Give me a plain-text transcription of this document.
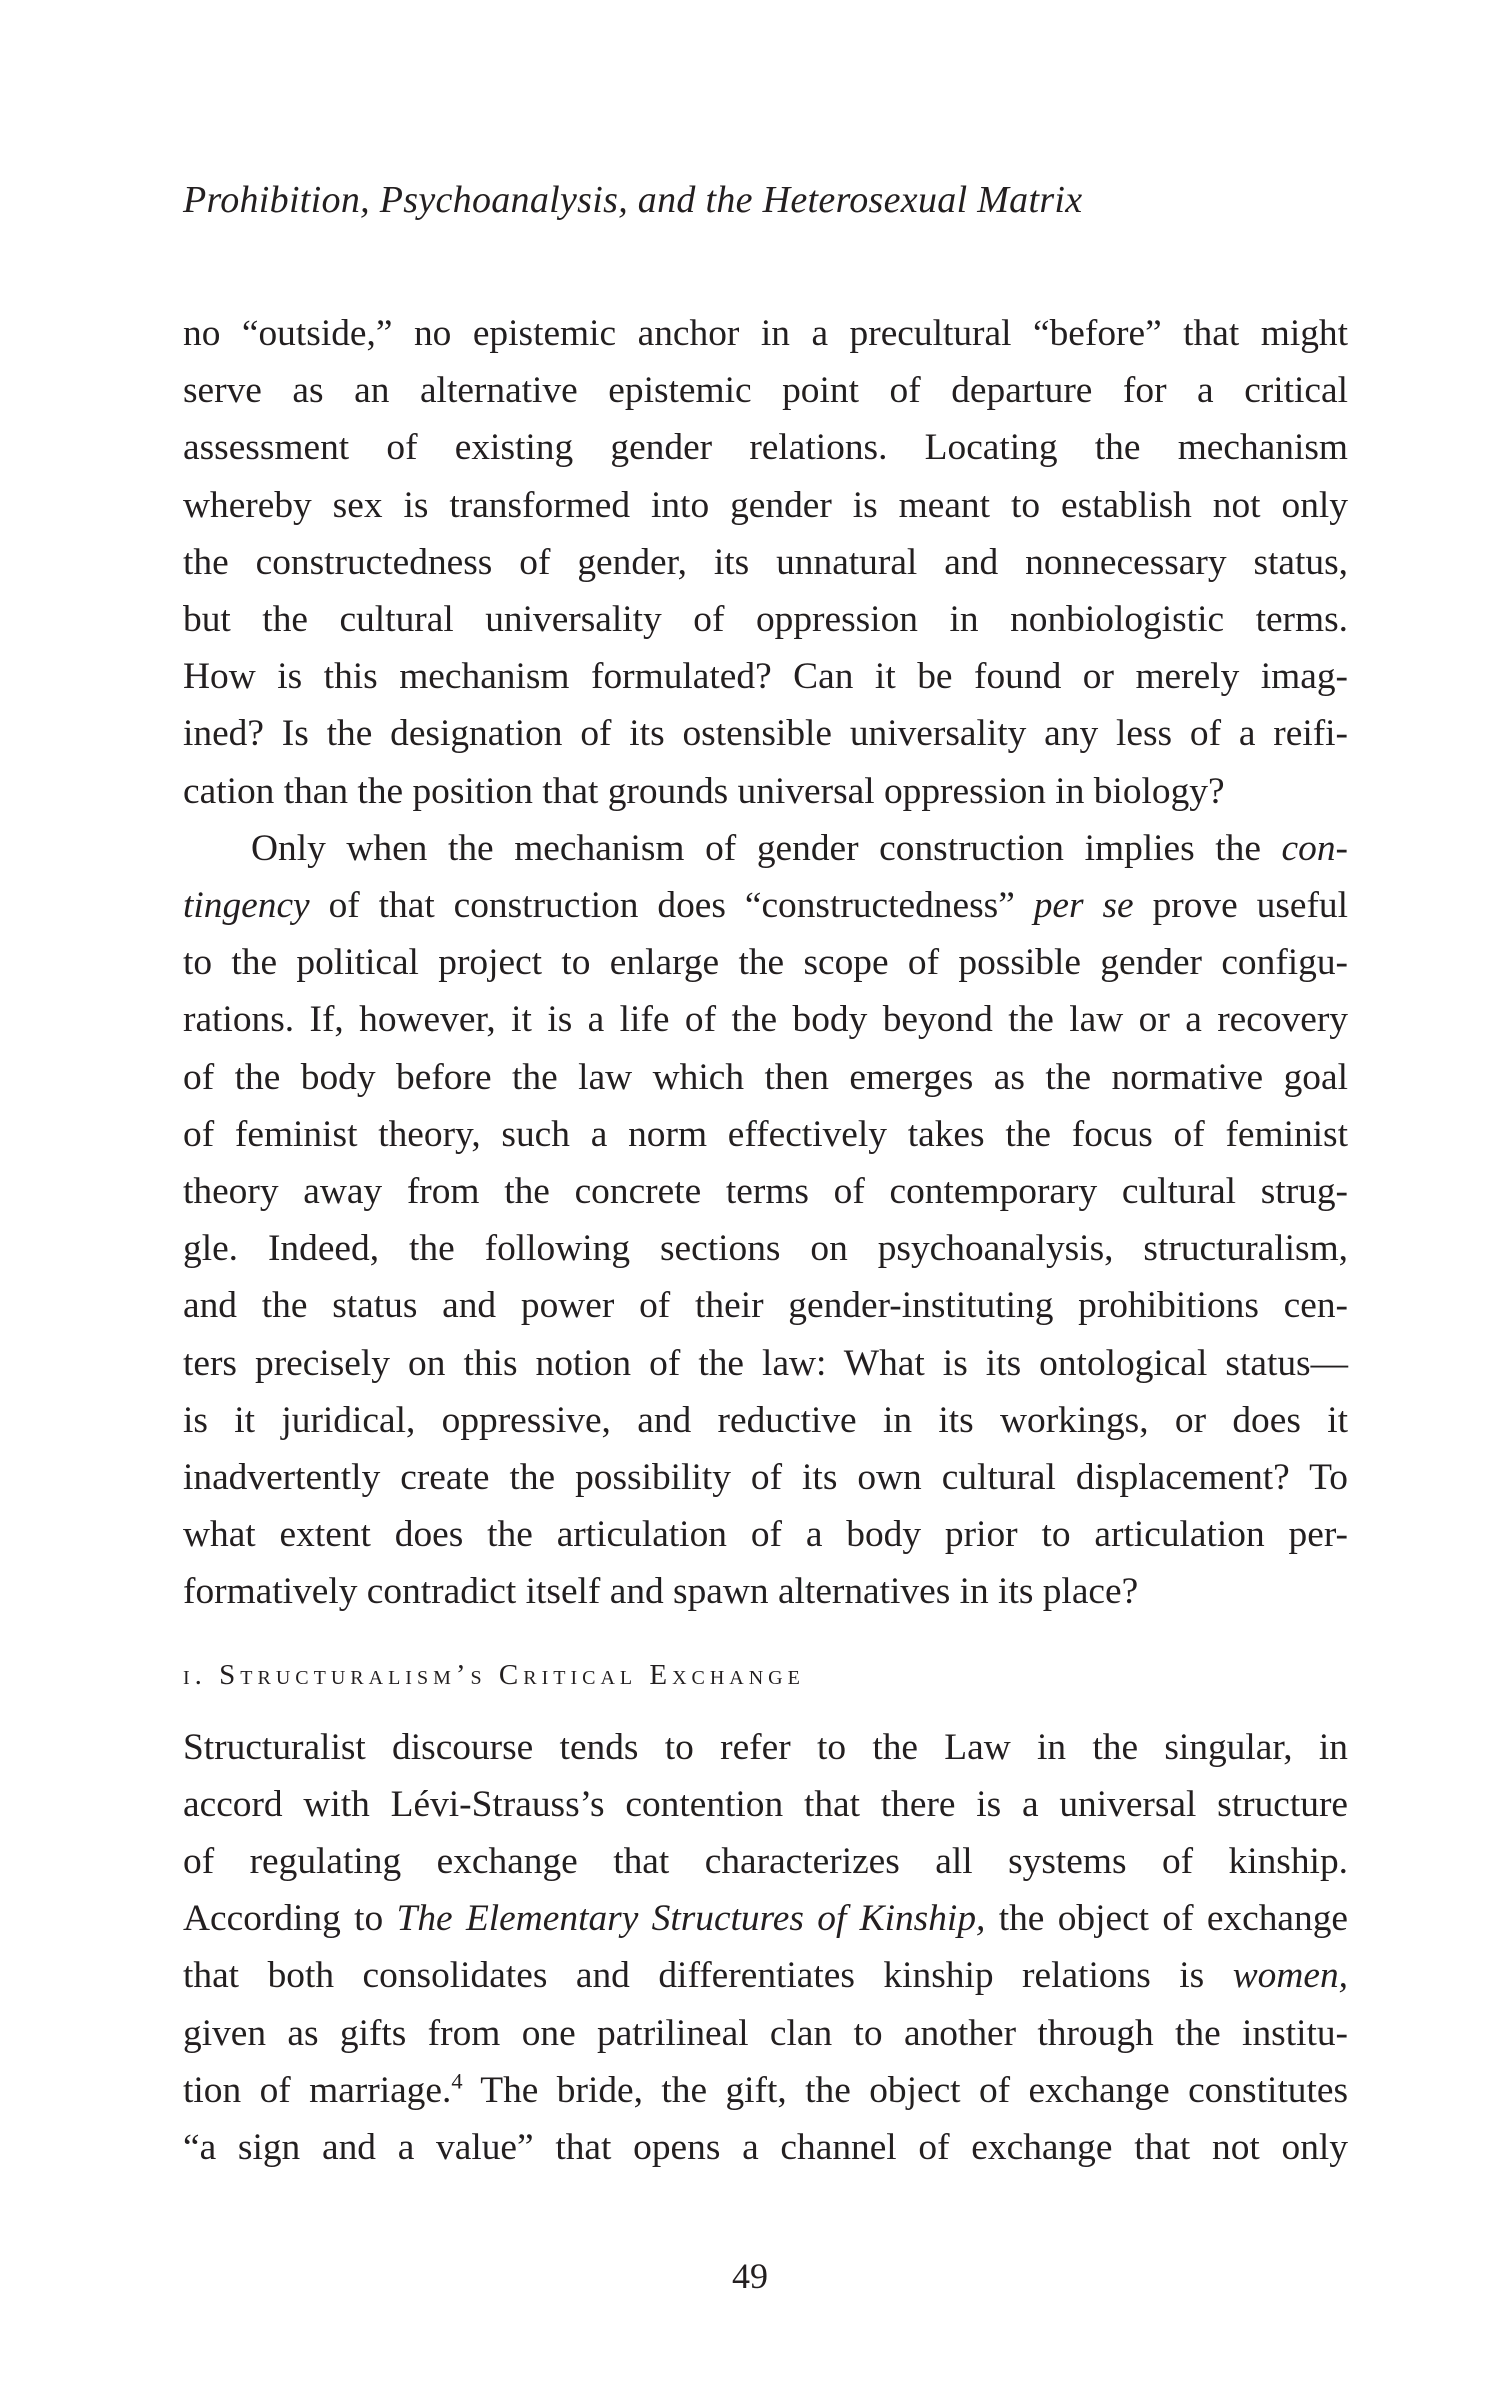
Prohibition, Psychoanalysis, and the Heterosexual Matrix

no “outside,” no epistemic anchor in a precultural “before” that might
serve as an alternative epistemic point of departure for a critical
assessment of existing gender relations. Locating the mechanism
whereby sex is transformed into gender is meant to establish not only
the constructedness of gender, its unnatural and nonnecessary status,
but the cultural universality of oppression in nonbiologistic terms.
How is this mechanism formulated? Can it be found or merely imag-
ined? Is the designation of its ostensible universality any less of a reifi-
cation than the position that grounds universal oppression in biology?

Only when the mechanism of gender construction implies the con-
tingency of that construction does “constructedness” per se prove useful
to the political project to enlarge the scope of possible gender configu-
rations. If, however, it is a life of the body beyond the law or a recovery
of the body before the law which then emerges as the normative goal
of feminist theory, such a norm effectively takes the focus of feminist
theory away from the concrete terms of contemporary cultural strug-
gle. Indeed, the following sections on psychoanalysis, structuralism,
and the status and power of their gender-instituting prohibitions cen-
ters precisely on this notion of the law: What is its ontological status—
is it juridical, oppressive, and reductive in its workings, or does it
inadvertently create the possibility of its own cultural displacement? To
what extent does the articulation of a body prior to articulation per-
formatively contradict itself and spawn alternatives in its place?

i. Structuralism’s Critical Exchange

Structuralist discourse tends to refer to the Law in the singular, in
accord with Lévi-Strauss’s contention that there is a universal structure
of regulating exchange that characterizes all systems of kinship.
According to The Elementary Structures of Kinship, the object of exchange
that both consolidates and differentiates kinship relations is women,
given as gifts from one patrilineal clan to another through the institu-
tion of marriage.$^4$ The bride, the gift, the object of exchange constitutes
“a sign and a value” that opens a channel of exchange that not only

49
